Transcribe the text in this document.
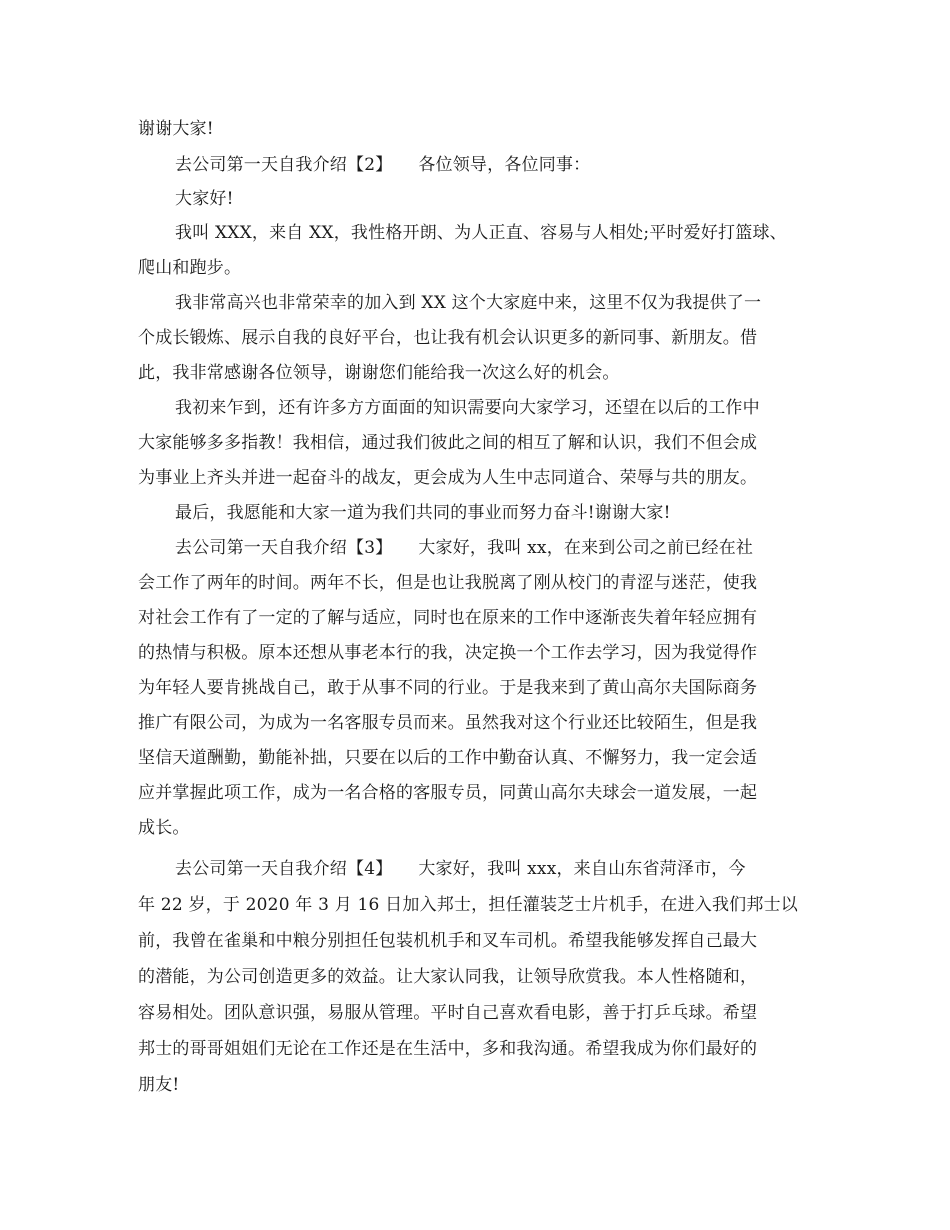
谢谢大家!
去公司第一天自我介绍【2】　　各位领导，各位同事：
大家好!
我叫 XXX，来自 XX，我性格开朗、为人正直、容易与人相处;平时爱好打篮球、
爬山和跑步。
我非常高兴也非常荣幸的加入到 XX 这个大家庭中来，这里不仅为我提供了一
个成长锻炼、展示自我的良好平台，也让我有机会认识更多的新同事、新朋友。借
此，我非常感谢各位领导，谢谢您们能给我一次这么好的机会。
我初来乍到，还有许多方方面面的知识需要向大家学习，还望在以后的工作中
大家能够多多指教！我相信，通过我们彼此之间的相互了解和认识，我们不但会成
为事业上齐头并进一起奋斗的战友，更会成为人生中志同道合、荣辱与共的朋友。
最后，我愿能和大家一道为我们共同的事业而努力奋斗!谢谢大家!
去公司第一天自我介绍【3】　　大家好，我叫 xx，在来到公司之前已经在社
会工作了两年的时间。两年不长，但是也让我脱离了刚从校门的青涩与迷茫，使我
对社会工作有了一定的了解与适应，同时也在原来的工作中逐渐丧失着年轻应拥有
的热情与积极。原本还想从事老本行的我，决定换一个工作去学习，因为我觉得作
为年轻人要肯挑战自己，敢于从事不同的行业。于是我来到了黄山高尔夫国际商务
推广有限公司，为成为一名客服专员而来。虽然我对这个行业还比较陌生，但是我
坚信天道酬勤，勤能补拙，只要在以后的工作中勤奋认真、不懈努力，我一定会适
应并掌握此项工作，成为一名合格的客服专员，同黄山高尔夫球会一道发展，一起
成长。
去公司第一天自我介绍【4】　　大家好，我叫 xxx，来自山东省菏泽市，今
年 22 岁，于 2020 年 3 月 16 日加入邦士，担任灌装芝士片机手，在进入我们邦士以
前，我曾在雀巢和中粮分别担任包装机机手和叉车司机。希望我能够发挥自己最大
的潜能，为公司创造更多的效益。让大家认同我，让领导欣赏我。本人性格随和，
容易相处。团队意识强，易服从管理。平时自己喜欢看电影，善于打乒乓球。希望
邦士的哥哥姐姐们无论在工作还是在生活中，多和我沟通。希望我成为你们最好的
朋友!
